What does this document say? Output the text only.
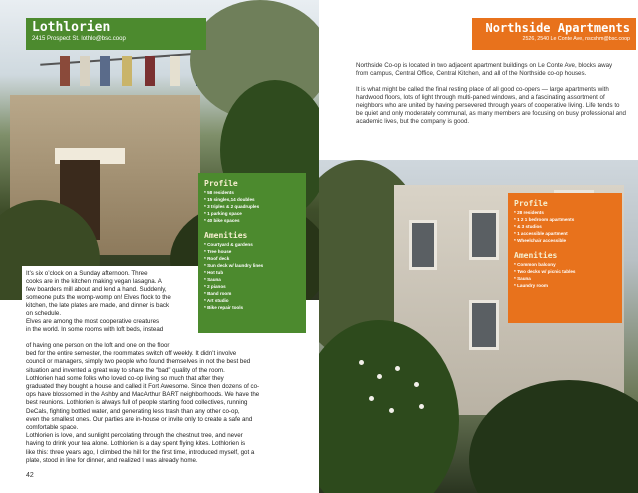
Lothlorien
2415 Prospect St. lothlo@bsc.coop
Profile
* 58 residents
* 15 singles,14 doubles
* 3 triples & 2 quadruples
* 1 parking space
* 40 bike spaces
Amenities
* Courtyard & gardens
* Tree house
* Roof deck
* Sun deck w/ laundry lines
* Hot tub
* Sauna
* 2 pianos
* Band room
* Art studio
* Bike repair tools
It’s six o’clock on a Sunday afternoon. Three
cooks are in the kitchen making vegan lasagna. A
few boarders mill about and lend a hand. Suddenly,
someone puts the womp-womp on! Elves flock to the
kitchen, the late plates are made, and dinner is back
on schedule.
Elves are among the most cooperative creatures
in the world. In some rooms with loft beds, instead
of having one person on the loft and one on the floor
bed for the entire semester, the roommates switch off weekly. It didn’t involve
council or managers, simply two people who found themselves in not the best bed
situation and invented a great way to share the “bad” quality of the room.
Lothlorien had some folks who loved co-op living so much that after they
graduated they bought a house and called it Fort Awesome. Since then dozens of co-
ops have blossomed in the Ashby and MacArthur BART neighborhoods. We have the
best reunions. Lothlorien is always full of people starting food collectives, running
DeCals, fighting bottled water, and generating less trash than any other co-op,
even the smallest ones. Our parties are in-house or invite only to create a safe and
comfortable space.
Lothlorien is love, and sunlight percolating through the chestnut tree, and never
having to drink your tea alone. Lothlorien is a day spent flying kites. Lothlorien is
like this: three years ago, I climbed the hill for the first time, introduced myself, got a
plate, stood in line for dinner, and realized I was already home.
42
Northside Apartments
2526, 2540 Le Conte Ave, nscshm@bsc.coop

Northside Co-op is located in two adjacent apartment buildings on Le Conte Ave, blocks away from campus, Central Office, Central Kitchen, and all of the Northside co-op houses.

It is what might be called the final resting place of all good co-opers — large apartments with hardwood floors, lots of light through multi-paned windows, and a fascinating assortment of neighbors who are united by having persevered through years of cooperative living. Life tends to be quiet and only moderately communal, as many members are focusing on busy professional and academic lives, but the company is good.

Profile
* 28 residents
* 1 2 1 bedroom apartments
* & 3 studios
* 1 accessible apartment
* Wheelchair accessible
Amenities
* Common balcony
* Two decks w/ picnic tables
* Sauna
* Laundry room
